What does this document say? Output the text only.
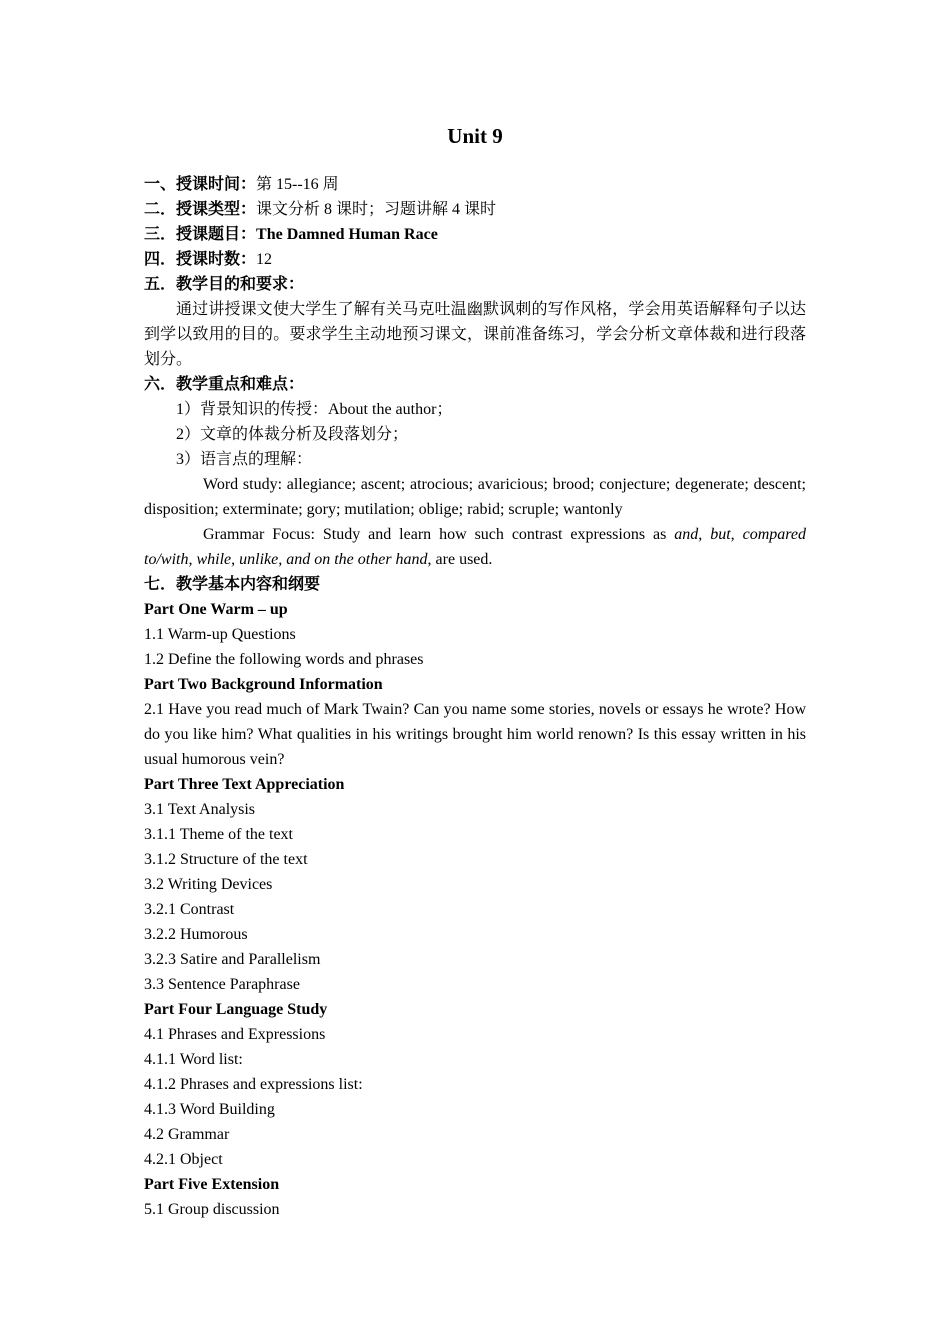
Unit 9
一、授课时间：第 15--16 周
二．授课类型：课文分析 8 课时；习题讲解 4 课时
三．授课题目：The Damned Human Race
四．授课时数：12
五．教学目的和要求：
通过讲授课文使大学生了解有关马克吐温幽默讽刺的写作风格，学会用英语解释句子以达到学以致用的目的。要求学生主动地预习课文，课前准备练习，学会分析文章体裁和进行段落划分。
六．教学重点和难点：
1）背景知识的传授：About the author；
2）文章的体裁分析及段落划分；
3）语言点的理解：
Word study: allegiance; ascent; atrocious; avaricious; brood; conjecture; degenerate; descent; disposition; exterminate; gory; mutilation; oblige; rabid; scruple; wantonly
Grammar Focus: Study and learn how such contrast expressions as and, but, compared to/with, while, unlike, and on the other hand, are used.
七．教学基本内容和纲要
Part One Warm – up
1.1 Warm-up Questions
1.2 Define the following words and phrases
Part Two Background Information
2.1 Have you read much of Mark Twain? Can you name some stories, novels or essays he wrote? How do you like him? What qualities in his writings brought him world renown? Is this essay written in his usual humorous vein?
Part Three Text Appreciation
3.1 Text Analysis
3.1.1 Theme of the text
3.1.2 Structure of the text
3.2 Writing Devices
3.2.1 Contrast
3.2.2 Humorous
3.2.3 Satire and Parallelism
3.3 Sentence Paraphrase
Part Four Language Study
4.1 Phrases and Expressions
4.1.1 Word list:
4.1.2 Phrases and expressions list:
4.1.3 Word Building
4.2 Grammar
4.2.1 Object
Part Five Extension
5.1 Group discussion
